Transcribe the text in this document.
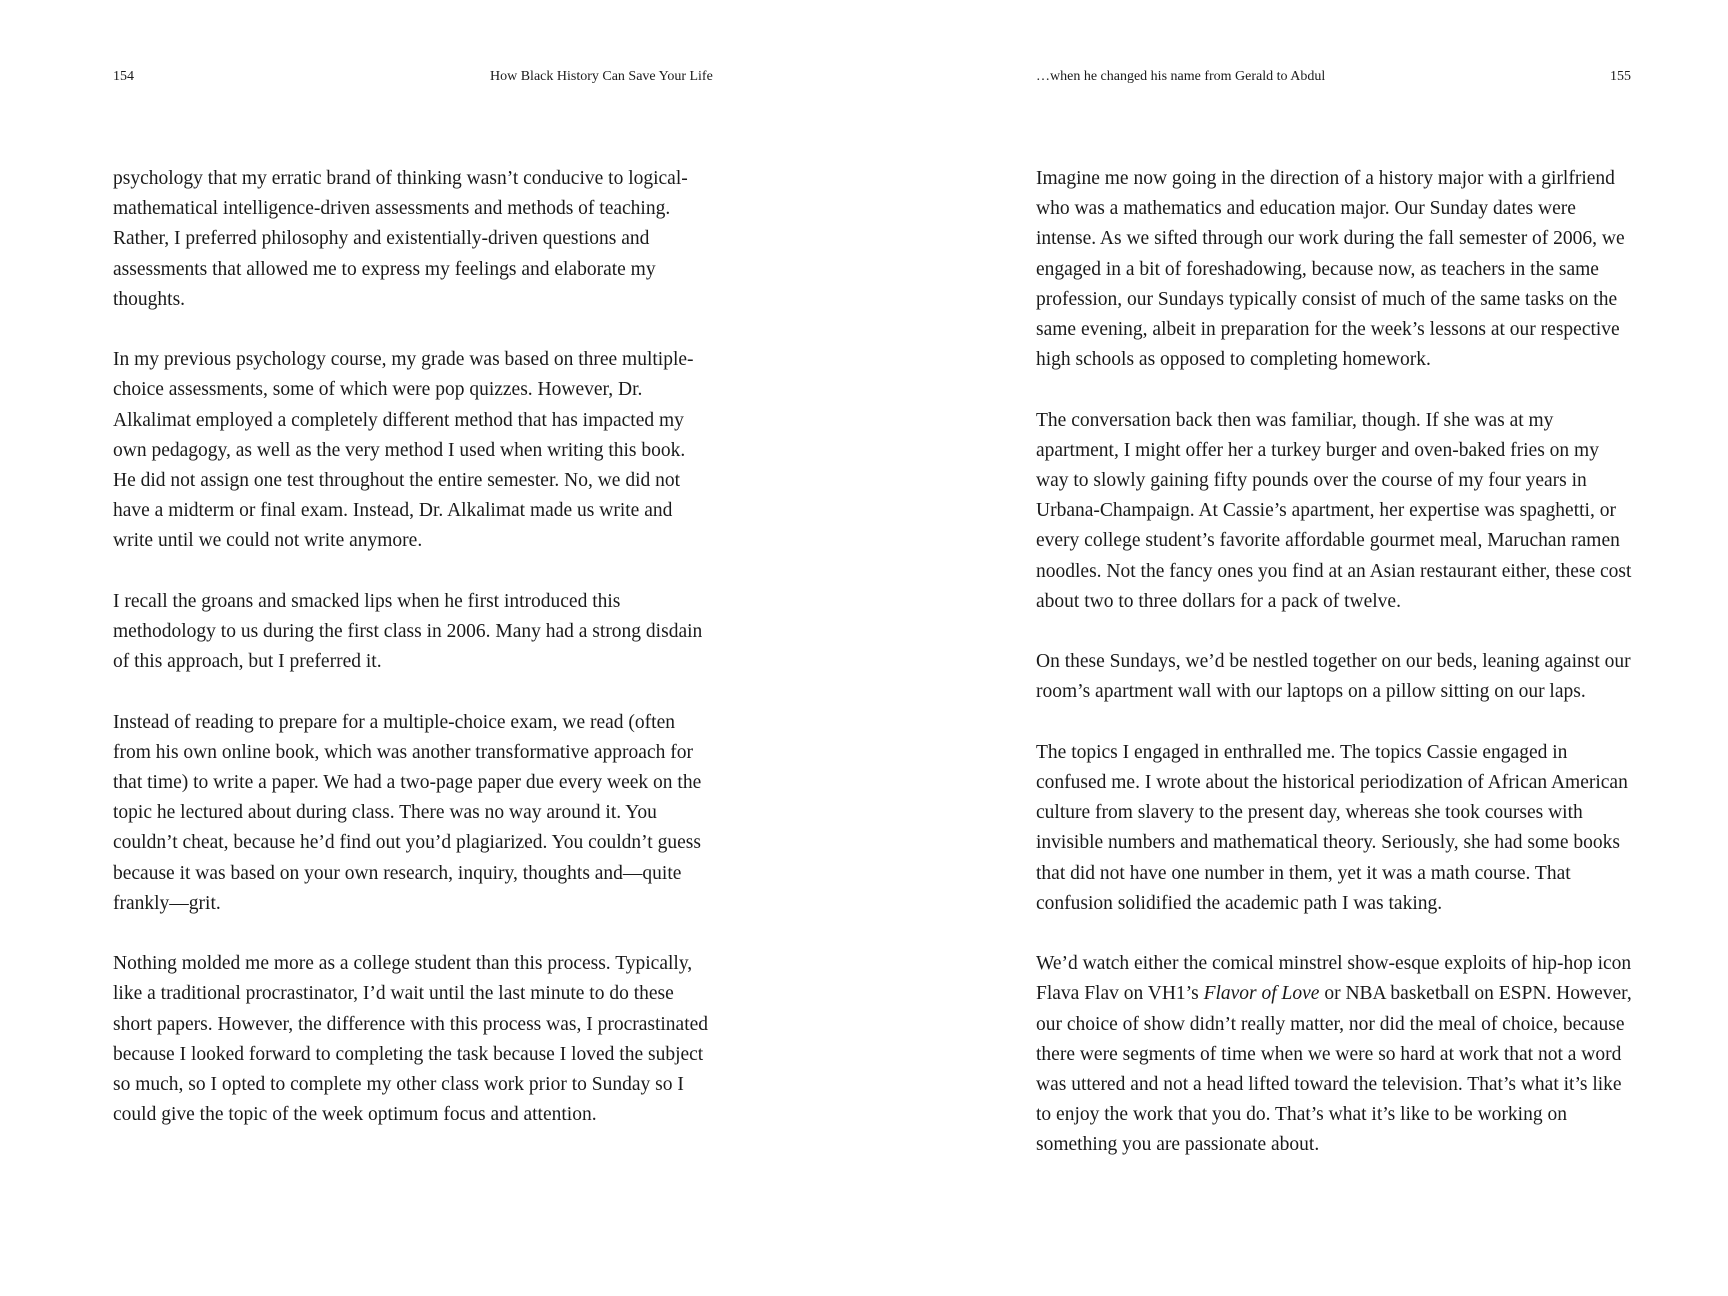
154	How Black History Can Save Your Life

psychology that my erratic brand of thinking wasn’t conducive to logical-mathematical intelligence-driven assessments and methods of teaching. Rather, I preferred philosophy and existentially-driven questions and assessments that allowed me to express my feelings and elaborate my thoughts.

In my previous psychology course, my grade was based on three multiple-choice assessments, some of which were pop quizzes. However, Dr. Alkalimat employed a completely different method that has impacted my own pedagogy, as well as the very method I used when writing this book. He did not assign one test throughout the entire semester. No, we did not have a midterm or final exam. Instead, Dr. Alkalimat made us write and write until we could not write anymore.

I recall the groans and smacked lips when he first introduced this methodology to us during the first class in 2006. Many had a strong disdain of this approach, but I preferred it.

Instead of reading to prepare for a multiple-choice exam, we read (often from his own online book, which was another transformative approach for that time) to write a paper. We had a two-page paper due every week on the topic he lectured about during class. There was no way around it. You couldn’t cheat, because he’d find out you’d plagiarized. You couldn’t guess because it was based on your own research, inquiry, thoughts and—quite frankly—grit.

Nothing molded me more as a college student than this process. Typically, like a traditional procrastinator, I’d wait until the last minute to do these short papers. However, the difference with this process was, I procrastinated because I looked forward to completing the task because I loved the subject so much, so I opted to complete my other class work prior to Sunday so I could give the topic of the week optimum focus and attention.

…when he changed his name from Gerald to Abdul	155

Imagine me now going in the direction of a history major with a girlfriend who was a mathematics and education major. Our Sunday dates were intense. As we sifted through our work during the fall semester of 2006, we engaged in a bit of foreshadowing, because now, as teachers in the same profession, our Sundays typically consist of much of the same tasks on the same evening, albeit in preparation for the week’s lessons at our respective high schools as opposed to completing homework.

The conversation back then was familiar, though. If she was at my apartment, I might offer her a turkey burger and oven-baked fries on my way to slowly gaining fifty pounds over the course of my four years in Urbana-Champaign. At Cassie’s apartment, her expertise was spaghetti, or every college student’s favorite affordable gourmet meal, Maruchan ramen noodles. Not the fancy ones you find at an Asian restaurant either, these cost about two to three dollars for a pack of twelve.

On these Sundays, we’d be nestled together on our beds, leaning against our room’s apartment wall with our laptops on a pillow sitting on our laps.

The topics I engaged in enthralled me. The topics Cassie engaged in confused me. I wrote about the historical periodization of African American culture from slavery to the present day, whereas she took courses with invisible numbers and mathematical theory. Seriously, she had some books that did not have one number in them, yet it was a math course. That confusion solidified the academic path I was taking.

We’d watch either the comical minstrel show-esque exploits of hip-hop icon Flava Flav on VH1’s Flavor of Love or NBA basketball on ESPN. However, our choice of show didn’t really matter, nor did the meal of choice, because there were segments of time when we were so hard at work that not a word was uttered and not a head lifted toward the television. That’s what it’s like to enjoy the work that you do. That’s what it’s like to be working on something you are passionate about.
